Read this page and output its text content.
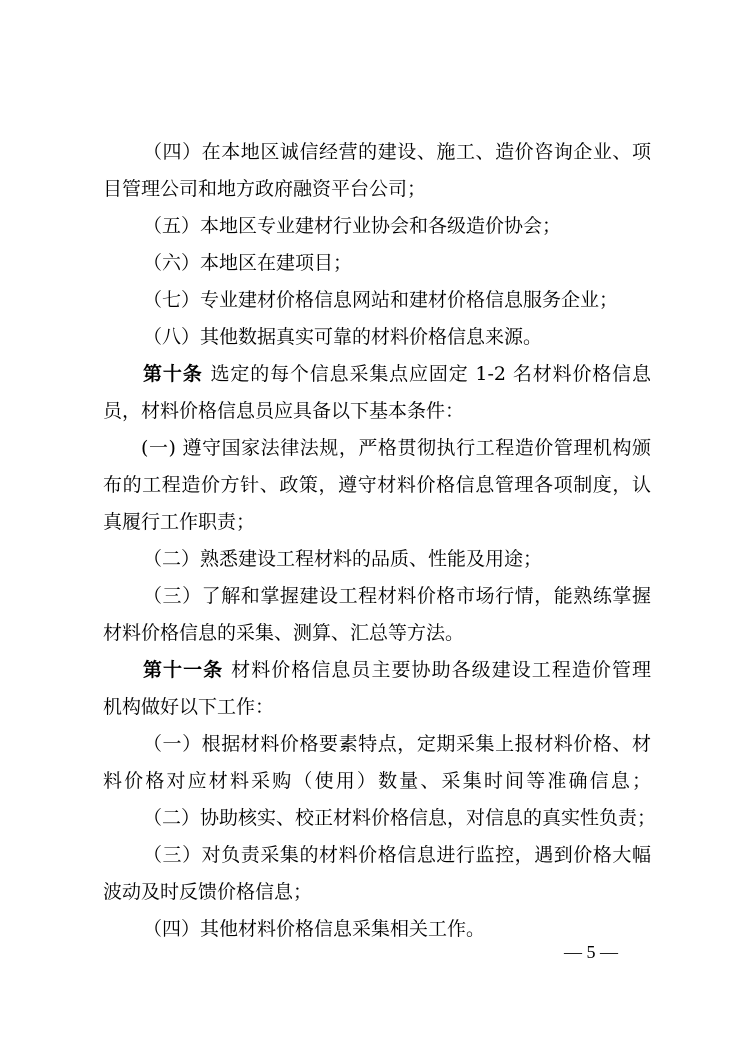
（四）在本地区诚信经营的建设、施工、造价咨询企业、项
目管理公司和地方政府融资平台公司；
（五）本地区专业建材行业协会和各级造价协会；
（六）本地区在建项目；
（七）专业建材价格信息网站和建材价格信息服务企业；
（八）其他数据真实可靠的材料价格信息来源。
第十条 选定的每个信息采集点应固定 1-2 名材料价格信息
员，材料价格信息员应具备以下基本条件：
(一) 遵守国家法律法规，严格贯彻执行工程造价管理机构颁
布的工程造价方针、政策，遵守材料价格信息管理各项制度，认
真履行工作职责；
（二）熟悉建设工程材料的品质、性能及用途；
（三）了解和掌握建设工程材料价格市场行情，能熟练掌握
材料价格信息的采集、测算、汇总等方法。
第十一条 材料价格信息员主要协助各级建设工程造价管理
机构做好以下工作：
（一）根据材料价格要素特点，定期采集上报材料价格、材
料价格对应材料采购（使用）数量、采集时间等准确信息；
（二）协助核实、校正材料价格信息，对信息的真实性负责；
（三）对负责采集的材料价格信息进行监控，遇到价格大幅
波动及时反馈价格信息；
（四）其他材料价格信息采集相关工作。
— 5 —
